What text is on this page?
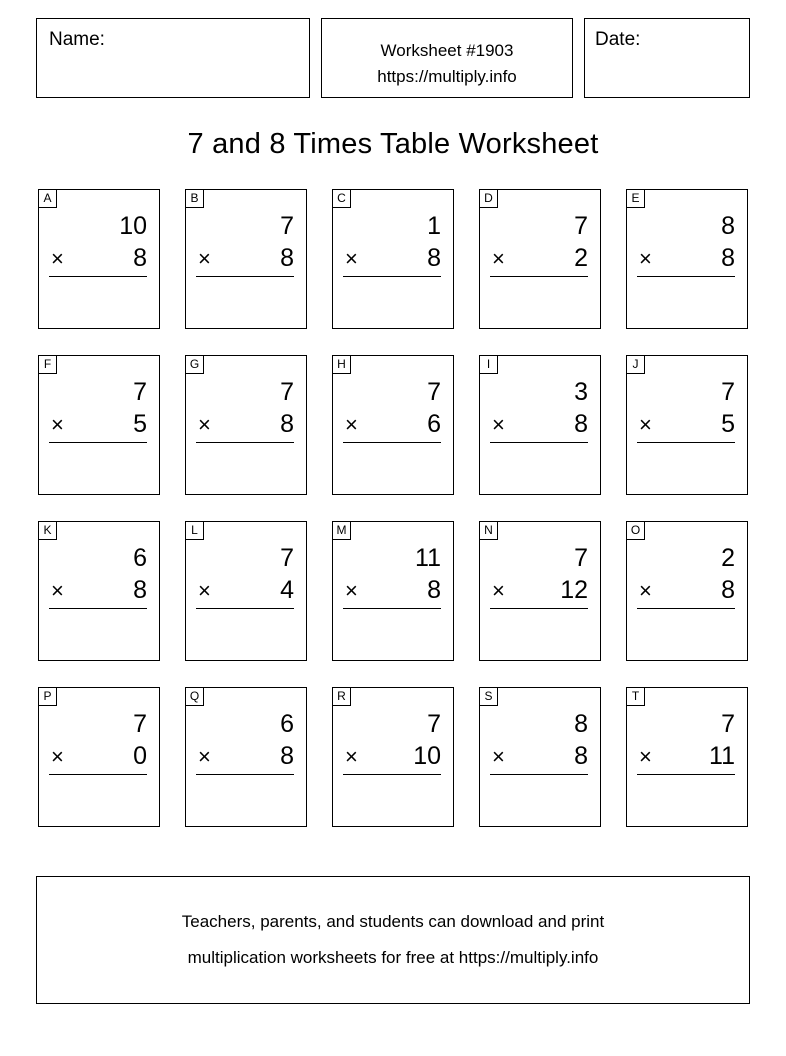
Name:
Worksheet #1903
https://multiply.info
Date:
7 and 8 Times Table Worksheet
A
10
×	8
B
7
×	8
C
1
×	8
D
7
×	2
E
8
×	8
F
7
×	5
G
7
×	8
H
7
×	6
I
3
×	8
J
7
×	5
K
6
×	8
L
7
×	4
M
11
×	8
N
7
× 12
O
2
×	8
P
7
×	0
Q
6
×	8
R
7
× 10
S
8
×	8
T
7
× 11
Teachers, parents, and students can download and print
multiplication worksheets for free at https://multiply.info
